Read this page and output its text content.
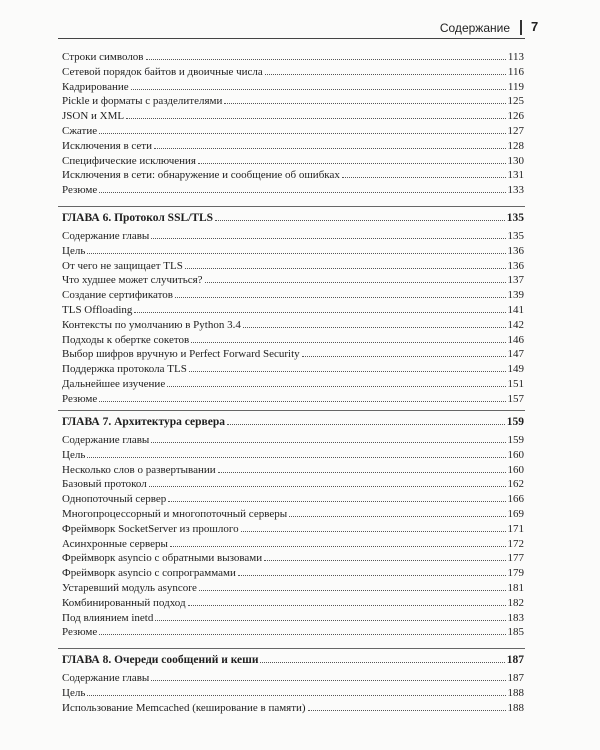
Содержание 7
Строки символов	113
Сетевой порядок байтов и двоичные числа	116
Кадрирование	119
Pickle и форматы с разделителями	125
JSON и XML	126
Сжатие	127
Исключения в сети	128
Специфические исключения	130
Исключения в сети: обнаружение и сообщение об ошибках	131
Резюме	133
ГЛАВА 6. Протокол SSL/TLS	135
Содержание главы	135
Цель	136
От чего не защищает TLS	136
Что худшее может случиться?	137
Создание сертификатов	139
TLS Offloading	141
Контексты по умолчанию в Python 3.4	142
Подходы к обертке сокетов	146
Выбор шифров вручную и Perfect Forward Security	147
Поддержка протокола TLS	149
Дальнейшее изучение	151
Резюме	157
ГЛАВА 7. Архитектура сервера	159
Содержание главы	159
Цель	160
Несколько слов о развертывании	160
Базовый протокол	162
Однопоточный сервер	166
Многопроцессорный и многопоточный серверы	169
Фреймворк SocketServer из прошлого	171
Асинхронные серверы	172
Фреймворк asyncio с обратными вызовами	177
Фреймворк asyncio с сопрограммами	179
Устаревший модуль asyncore	181
Комбинированный подход	182
Под влиянием inetd	183
Резюме	185
ГЛАВА 8. Очереди сообщений и кеши	187
Содержание главы	187
Цель	188
Использование Memcached (кеширование в памяти)	188
